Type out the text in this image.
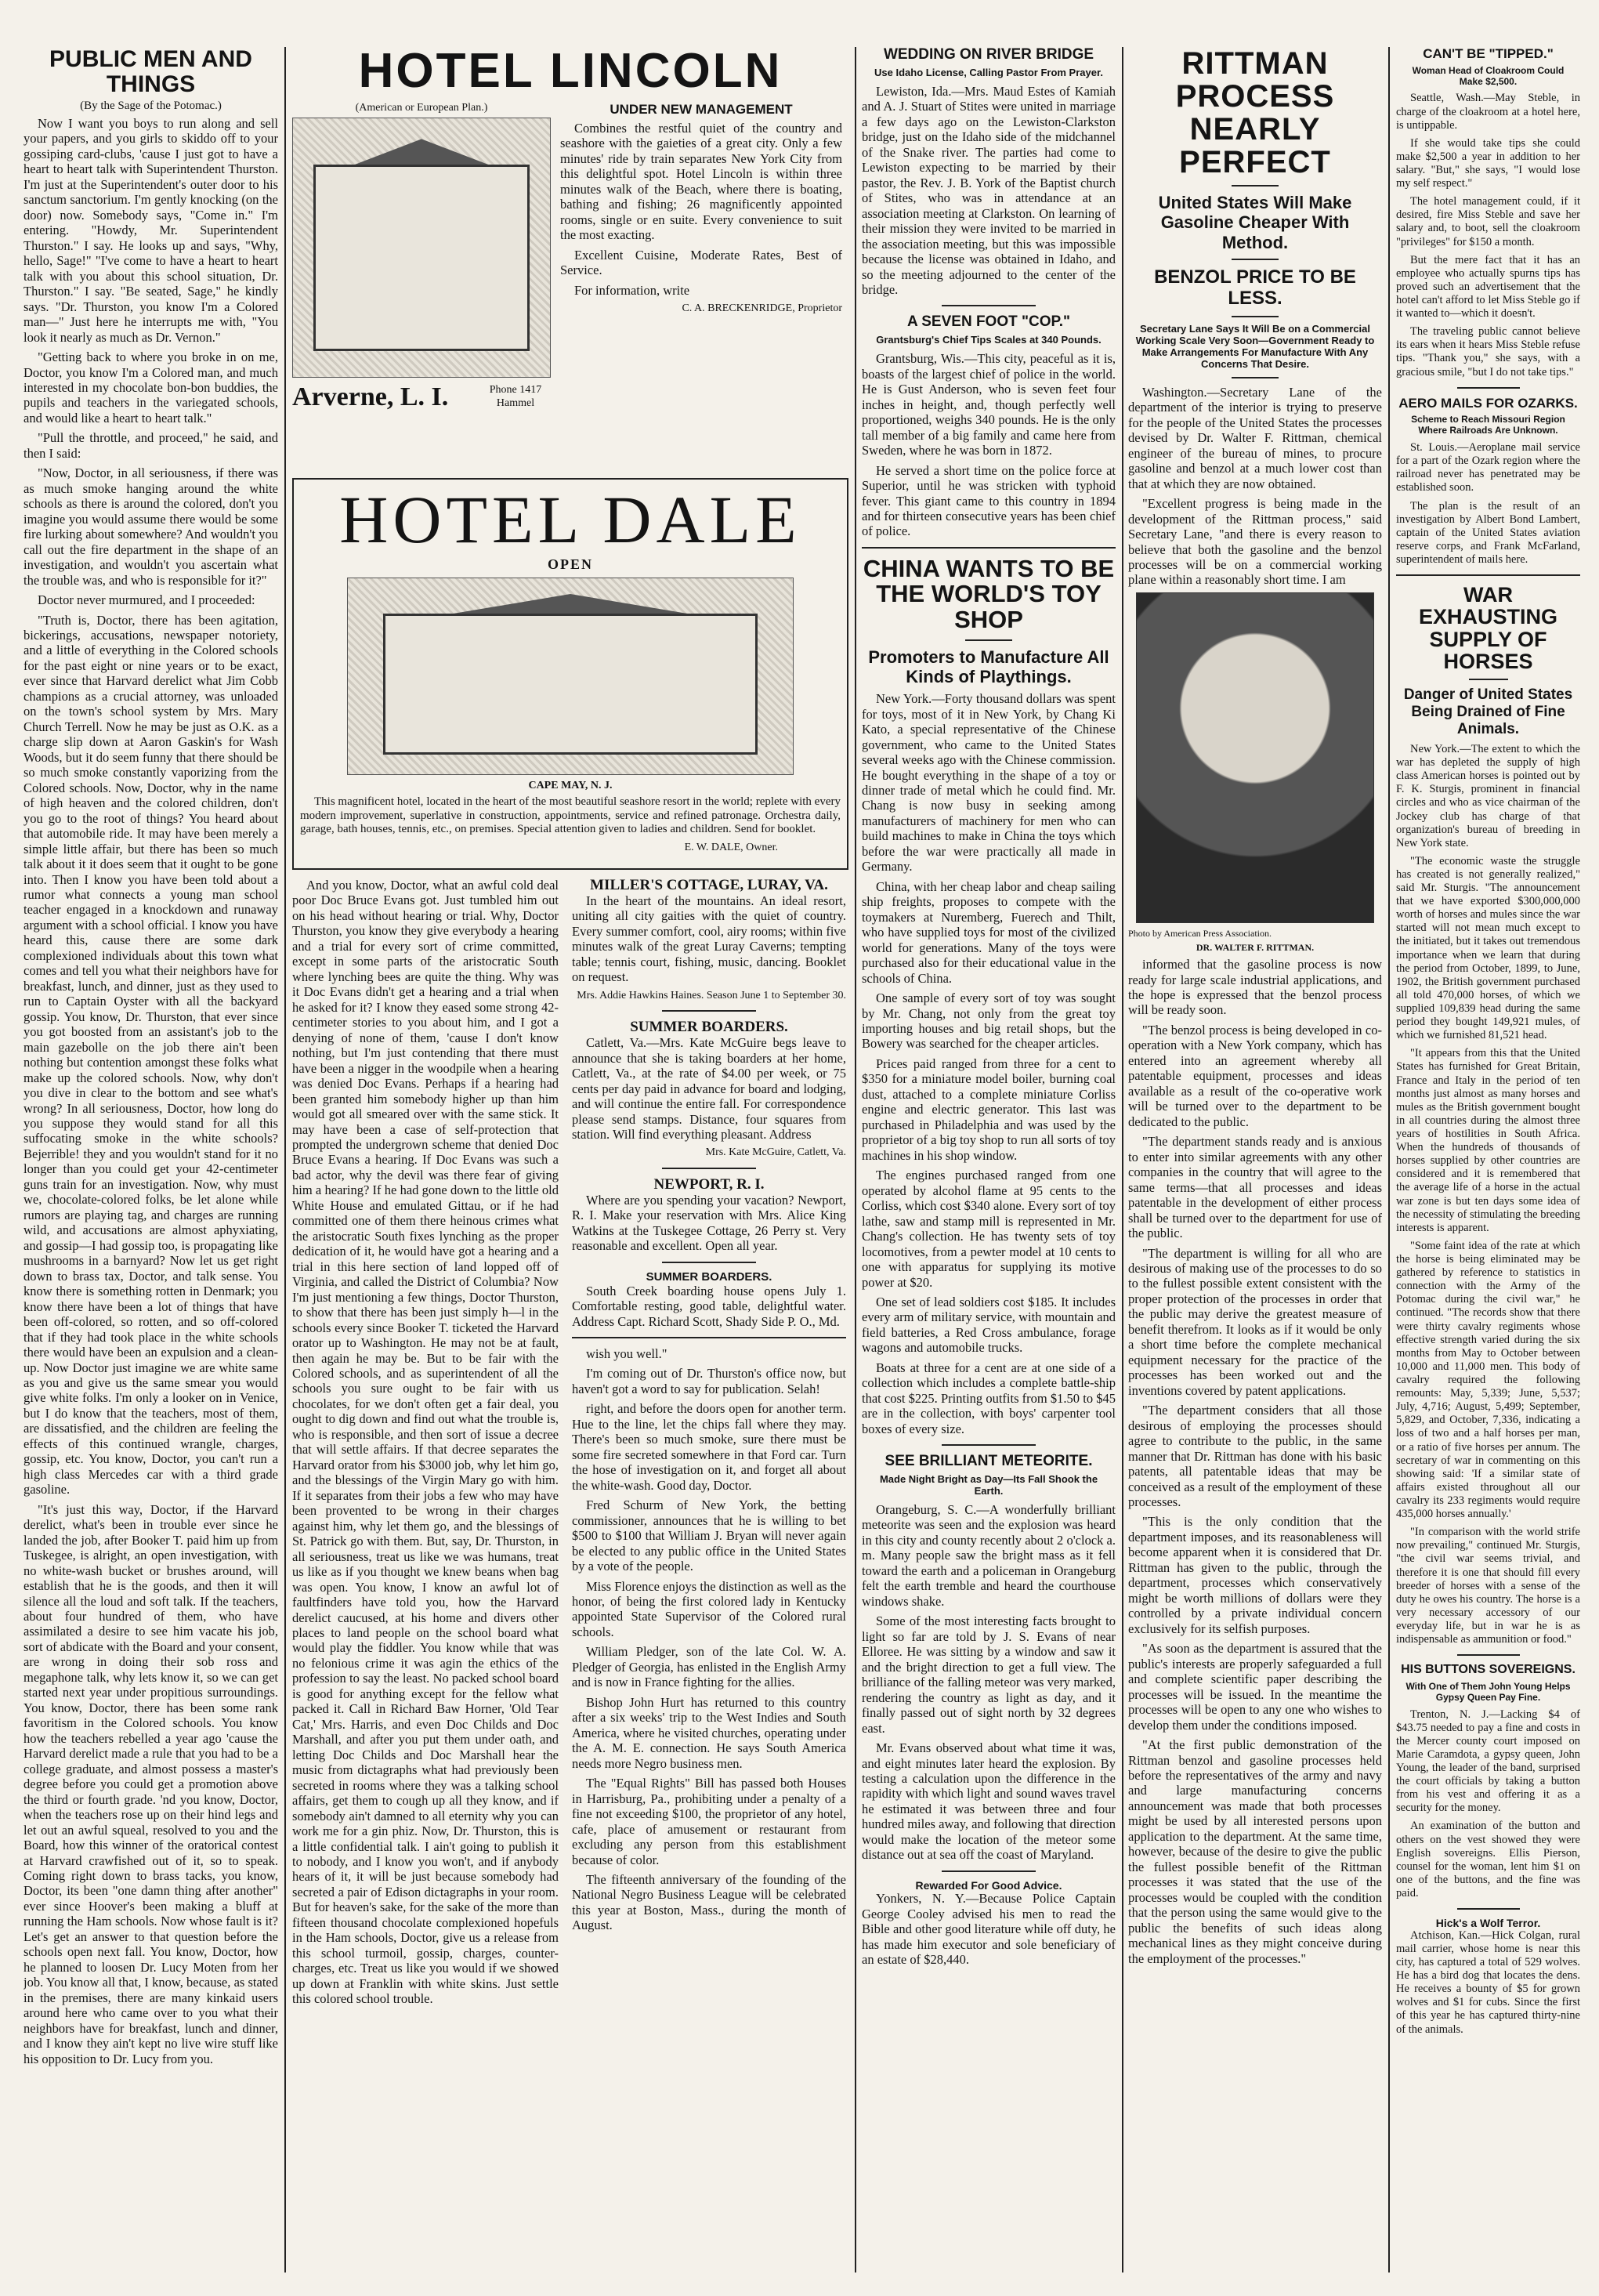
PUBLIC MEN AND THINGS
(By the Sage of the Potomac.)

Now I want you boys to run along and sell your papers, and you girls to skiddo off to your gossiping card-clubs, 'cause I just got to have a heart to heart talk with Superintendent Thurston. I'm just at the Superintendent's outer door to his sanctum sanctorium. I'm gently knocking (on the door) now. Somebody says, "Come in." I'm entering. "Howdy, Mr. Superintendent Thurston." I say. He looks up and says, "Why, hello, Sage!" "I've come to have a heart to heart talk with you about this school situation, Dr. Thurston." I say. "Be seated, Sage," he kindly says. "Dr. Thurston, you know I'm a Colored man—" Just here he interrupts me with, "You look it nearly as much as Dr. Vernon."

"Getting back to where you broke in on me, Doctor, you know I'm a Colored man, and much interested in my chocolate bon-bon buddies, the pupils and teachers in the variegated schools, and would like a heart to heart talk."

"Pull the throttle, and proceed," he said, and then I said:

"Now, Doctor, in all seriousness, if there was as much smoke hanging around the white schools as there is around the colored, don't you imagine you would assume there would be some fire lurking about somewhere? And wouldn't you call out the fire department in the shape of an investigation, and wouldn't you ascertain what the trouble was, and who is responsible for it?"

Doctor never murmured, and I proceeded:

"Truth is, Doctor, there has been agitation, bickerings, accusations, newspaper notoriety, and a little of everything in the Colored schools for the past eight or nine years or to be exact, ever since that Harvard derelict what Jim Cobb champions as a crucial attorney, was unloaded on the town's school system by Mrs. Mary Church Terrell. Now he may be just as O.K. as a charge slip down at Aaron Gaskin's for Wash Woods, but it do seem funny that there should be so much smoke constantly vaporizing from the Colored schools. Now, Doctor, why in the name of high heaven and the colored children, don't you go to the root of things? You heard about that automobile ride. It may have been merely a simple little affair, but there has been so much talk about it it does seem that it ought to be gone into. Then I know you have been told about a rumor what connects a young man school teacher engaged in a knockdown and runaway argument with a school official. I know you have heard this, cause there are some dark complexioned individuals about this town what comes and tell you what their neighbors have for breakfast, lunch, and dinner, just as they used to run to Captain Oyster with all the backyard gossip. You know, Dr. Thurston, that ever since you got boosted from an assistant's job to the main gazebolle on the job there ain't been nothing but contention amongst these folks what make up the colored schools. Now, why don't you dive in clear to the bottom and see what's wrong? In all seriousness, Doctor, how long do you suppose they would stand for all this suffocating smoke in the white schools? Bejerrible! they and you wouldn't stand for it no longer than you could get your 42-centimeter guns train for an investigation. Now, why must we, chocolate-colored folks, be let alone while rumors are playing tag, and charges are running wild, and accusations are almost aphyxiating, and gossip—I had gossip too, is propagating like mushrooms in a barnyard? Now let us get right down to brass tax, Doctor, and talk sense. You know there is something rotten in Denmark; you know there have been a lot of things that have been off-colored, so rotten, and so off-colored that if they had took place in the white schools there would have been an expulsion and a clean-up. Now Doctor just imagine we are white same as you and give us the same smear you would give white folks. I'm only a looker on in Venice, but I do know that the teachers, most of them, are dissatisfied, and the children are feeling the effects of this continued wrangle, charges, gossip, etc. You know, Doctor, you can't run a high class Mercedes car with a third grade gasoline.

"It's just this way, Doctor, if the Harvard derelict, what's been in trouble ever since he landed the job, after Booker T. paid him up from Tuskegee, is alright, an open investigation, with no white-wash bucket or brushes around, will establish that he is the goods, and then it will silence all the loud and soft talk. If the teachers, about four hundred of them, who have assimilated a desire to see him vacate his job, sort of abdicate with the Board and your consent, are wrong in doing their sob ross and megaphone talk, why lets know it, so we can get started next year under propitious surroundings. You know, Doctor, there has been some rank favoritism in the Colored schools. You know how the teachers rebelled a year ago 'cause the Harvard derelict made a rule that you had to be a college graduate, and almost possess a master's degree before you could get a promotion above the third or fourth grade. 'nd you know, Doctor, when the teachers rose up on their hind legs and let out an awful squeal, resolved to you and the Board, how this winner of the oratorical contest at Harvard crawfished out of it, so to speak. Coming right down to brass tacks, you know, Doctor, its been "one damn thing after another" ever since Hoover's been making a bluff at running the Ham schools. Now whose fault is it? Let's get an answer to that question before the schools open next fall. You know, Doctor, how he planned to loosen Dr. Lucy Moten from her job. You know all that, I know, because, as stated in the premises, there are many kinkaid users around here who came over to you what their neighbors have for breakfast, lunch and dinner, and I know they ain't kept no live wire stuff like his opposition to Dr. Lucy from you.

HOTEL LINCOLN
(American or European Plan.)
Arverne, L. I.	Phone 1417 Hammel
UNDER NEW MANAGEMENT

Combines the restful quiet of the country and seashore with the gaieties of a great city. Only a few minutes' ride by train separates New York City from this delightful spot. Hotel Lincoln is within three minutes walk of the Beach, where there is boating, bathing and fishing; 26 magnificently appointed rooms, single or en suite. Every convenience to suit the most exacting.

Excellent Cuisine, Moderate Rates, Best of Service.

For information, write

C. A. BRECKENRIDGE, Proprietor
HOTEL DALE
OPEN
CAPE MAY, N. J.

This magnificent hotel, located in the heart of the most beautiful seashore resort in the world; replete with every modern improvement, superlative in construction, appointments, service and refined patronage. Orchestra daily, garage, bath houses, tennis, etc., on premises. Special attention given to ladies and children. Send for booklet.

E. W. DALE, Owner.

And you know, Doctor, what an awful cold deal poor Doc Bruce Evans got. Just tumbled him out on his head without hearing or trial. Why, Doctor Thurston, you know they give everybody a hearing and a trial for every sort of crime committed, except in some parts of the aristocratic South where lynching bees are quite the thing. Why was it Doc Evans didn't get a hearing and a trial when he asked for it? I know they eased some strong 42-centimeter stories to you about him, and I got a denying of none of them, 'cause I don't know nothing, but I'm just contending that there must have been a nigger in the woodpile when a hearing was denied Doc Evans. Perhaps if a hearing had been granted him somebody higher up than him would got all smeared over with the same stick. It may have been a case of self-protection that prompted the undergrown scheme that denied Doc Bruce Evans a hearing. If Doc Evans was such a bad actor, why the devil was there fear of giving him a hearing? If he had gone down to the little old White House and emulated Gittau, or if he had committed one of them there heinous crimes what the aristocratic South fixes lynching as the proper dedication of it, he would have got a hearing and a trial in this here section of land lopped off of Virginia, and called the District of Columbia? Now I'm just mentioning a few things, Doctor Thurston, to show that there has been just simply h—l in the schools every since Booker T. ticketed the Harvard orator up to Washington. He may not be at fault, then again he may be. But to be fair with the Colored schools, and as superintendent of all the schools you sure ought to be fair with us chocolates, for we don't often get a fair deal, you ought to dig down and find out what the trouble is, who is responsible, and then sort of issue a decree that will settle affairs. If that decree separates the Harvard orator from his $3000 job, why let him go, and the blessings of the Virgin Mary go with him. If it separates from their jobs a few who may have been provented to be wrong in their charges against him, why let them go, and the blessings of St. Patrick go with them. But, say, Dr. Thurston, in all seriousness, treat us like we was humans, treat us like as if you thought we knew beans when bag was open. You know, I know an awful lot of faultfinders have told you, how the Harvard derelict caucused, at his home and divers other places to land people on the school board what would play the fiddler. You know while that was no felonious crime it was agin the ethics of the profession to say the least. No packed school board is good for anything except for the fellow what packed it. Call in Richard Baw Horner, 'Old Tear Cat,' Mrs. Harris, and even Doc Childs and Doc Marshall, and after you put them under oath, and letting Doc Childs and Doc Marshall hear the music from dictagraphs what had previously been secreted in rooms where they was a talking school affairs, get them to cough up all they know, and if somebody ain't damned to all eternity why you can work me for a gin phiz. Now, Dr. Thurston, this is a little confidential talk. I ain't going to publish it to nobody, and I know you won't, and if anybody hears of it, it will be just because somebody had secreted a pair of Edison dictagraphs in your room. But for heaven's sake, for the sake of the more than fifteen thousand chocolate complexioned hopefuls in the Ham schools, Doctor, give us a release from this school turmoil, gossip, charges, counter-charges, etc. Treat us like you would if we showed up down at Franklin with white skins. Just settle this colored school trouble.

MILLER'S COTTAGE, LURAY, VA.

In the heart of the mountains. An ideal resort, uniting all city gaities with the quiet of country. Every summer comfort, cool, airy rooms; within five minutes walk of the great Luray Caverns; tempting table; tennis court, fishing, music, dancing. Booklet on request.

Mrs. Addie Hawkins Haines. Season June 1 to September 30.
SUMMER BOARDERS.

Catlett, Va.—Mrs. Kate McGuire begs leave to announce that she is taking boarders at her home, Catlett, Va., at the rate of $4.00 per week, or 75 cents per day paid in advance for board and lodging, and will continue the entire fall. For correspondence please send stamps. Distance, four squares from station. Will find everything pleasant. Address

Mrs. Kate McGuire, Catlett, Va.
NEWPORT, R. I.

Where are you spending your vacation? Newport, R. I. Make your reservation with Mrs. Alice King Watkins at the Tuskegee Cottage, 26 Perry st. Very reasonable and excellent. Open all year.

SUMMER BOARDERS.

South Creek boarding house opens July 1. Comfortable resting, good table, delightful water. Address Capt. Richard Scott, Shady Side P. O., Md.

wish you well."

I'm coming out of Dr. Thurston's office now, but haven't got a word to say for publication. Selah!

right, and before the doors open for another term. Hue to the line, let the chips fall where they may. There's been so much smoke, sure there must be some fire secreted somewhere in that Ford car. Turn the hose of investigation on it, and forget all about the white-wash. Good day, Doctor.

Fred Schurm of New York, the betting commissioner, announces that he is willing to bet $500 to $100 that William J. Bryan will never again be elected to any public office in the United States by a vote of the people.

Miss Florence enjoys the distinction as well as the honor, of being the first colored lady in Kentucky appointed State Supervisor of the Colored rural schools.

William Pledger, son of the late Col. W. A. Pledger of Georgia, has enlisted in the English Army and is now in France fighting for the allies.

Bishop John Hurt has returned to this country after a six weeks' trip to the West Indies and South America, where he visited churches, operating under the A. M. E. connection. He says South America needs more Negro business men.

The "Equal Rights" Bill has passed both Houses in Harrisburg, Pa., prohibiting under a penalty of a fine not exceeding $100, the proprietor of any hotel, cafe, place of amusement or restaurant from excluding any person from this establishment because of color.

The fifteenth anniversary of the founding of the National Negro Business League will be celebrated this year at Boston, Mass., during the month of August.

WEDDING ON RIVER BRIDGE
Use Idaho License, Calling Pastor From Prayer.

Lewiston, Ida.—Mrs. Maud Estes of Kamiah and A. J. Stuart of Stites were united in marriage a few days ago on the Lewiston-Clarkston bridge, just on the Idaho side of the midchannel of the Snake river. The parties had come to Lewiston expecting to be married by their pastor, the Rev. J. B. York of the Baptist church of Stites, who was in attendance at an association meeting at Clarkston. On learning of their mission they were invited to be married in the association meeting, but this was impossible because the license was obtained in Idaho, and so the meeting adjourned to the center of the bridge.

A SEVEN FOOT "COP."
Grantsburg's Chief Tips Scales at 340 Pounds.

Grantsburg, Wis.—This city, peaceful as it is, boasts of the largest chief of police in the world. He is Gust Anderson, who is seven feet four inches in height, and, though perfectly well proportioned, weighs 340 pounds. He is the only tall member of a big family and came here from Sweden, where he was born in 1872.

He served a short time on the police force at Superior, until he was stricken with typhoid fever. This giant came to this country in 1894 and for thirteen consecutive years has been chief of police.

CHINA WANTS TO BE THE WORLD'S TOY SHOP
Promoters to Manufacture All Kinds of Playthings.

New York.—Forty thousand dollars was spent for toys, most of it in New York, by Chang Ki Kato, a special representative of the Chinese government, who came to the United States several weeks ago with the Chinese commission. He bought everything in the shape of a toy or dinner trade of metal which he could find. Mr. Chang is now busy in seeking among manufacturers of machinery for men who can build machines to make in China the toys which before the war were practically all made in Germany.

China, with her cheap labor and cheap sailing ship freights, proposes to compete with the toymakers at Nuremberg, Fuerech and Thilt, who have supplied toys for most of the civilized world for generations. Many of the toys were purchased also for their educational value in the schools of China.

One sample of every sort of toy was sought by Mr. Chang, not only from the great toy importing houses and big retail shops, but the Bowery was searched for the cheaper articles.

Prices paid ranged from three for a cent to $350 for a miniature model boiler, burning coal dust, attached to a complete miniature Corliss engine and electric generator. This last was purchased in Philadelphia and was used by the proprietor of a big toy shop to run all sorts of toy machines in his shop window.

The engines purchased ranged from one operated by alcohol flame at 95 cents to the Corliss, which cost $340 alone. Every sort of toy lathe, saw and stamp mill is represented in Mr. Chang's collection. He has twenty sets of toy locomotives, from a pewter model at 10 cents to one with apparatus for supplying its motive power at $20.

One set of lead soldiers cost $185. It includes every arm of military service, with mountain and field batteries, a Red Cross ambulance, forage wagons and automobile trucks.

Boats at three for a cent are at one side of a collection which includes a complete battle-ship that cost $225. Printing outfits from $1.50 to $45 are in the collection, with boys' carpenter tool boxes of every size.

SEE BRILLIANT METEORITE.
Made Night Bright as Day—Its Fall Shook the Earth.

Orangeburg, S. C.—A wonderfully brilliant meteorite was seen and the explosion was heard in this city and county recently about 2 o'clock a. m. Many people saw the bright mass as it fell toward the earth and a policeman in Orangeburg felt the earth tremble and heard the courthouse windows shake.

Some of the most interesting facts brought to light so far are told by J. S. Evans of near Elloree. He was sitting by a window and saw it and the bright direction to get a full view. The brilliance of the falling meteor was very marked, rendering the country as light as day, and it finally passed out of sight north by 32 degrees east.

Mr. Evans observed about what time it was, and eight minutes later heard the explosion. By testing a calculation upon the difference in the rapidity with which light and sound waves travel he estimated it was between three and four hundred miles away, and following that direction would make the location of the meteor some distance out at sea off the coast of Maryland.

Rewarded For Good Advice.

Yonkers, N. Y.—Because Police Captain George Cooley advised his men to read the Bible and other good literature while off duty, he has made him executor and sole beneficiary of an estate of $28,440.

RITTMAN PROCESS NEARLY PERFECT
United States Will Make Gasoline Cheaper With Method.
BENZOL PRICE TO BE LESS.
Secretary Lane Says It Will Be on a Commercial Working Scale Very Soon—Government Ready to Make Arrangements For Manufacture With Any Concerns That Desire.

Washington.—Secretary Lane of the department of the interior is trying to preserve for the people of the United States the processes devised by Dr. Walter F. Rittman, chemical engineer of the bureau of mines, to procure gasoline and benzol at a much lower cost than that at which they are now obtained.

"Excellent progress is being made in the development of the Rittman process," said Secretary Lane, "and there is every reason to believe that both the gasoline and the benzol processes will be on a commercial working plane within a reasonably short time. I am

Photo by American Press Association.
DR. WALTER F. RITTMAN.

informed that the gasoline process is now ready for large scale industrial applications, and the hope is expressed that the benzol process will be ready soon.

"The benzol process is being developed in co-operation with a New York company, which has entered into an agreement whereby all patentable equipment, processes and ideas available as a result of the co-operative work will be turned over to the department to be dedicated to the public.

"The department stands ready and is anxious to enter into similar agreements with any other companies in the country that will agree to the same terms—that all processes and ideas patentable in the development of either process shall be turned over to the department for use of the public.

"The department is willing for all who are desirous of making use of the processes to do so to the fullest possible extent consistent with the proper protection of the processes in order that the public may derive the greatest measure of benefit therefrom. It looks as if it would be only a short time before the complete mechanical equipment necessary for the practice of the processes has been worked out and the inventions covered by patent applications.

"The department considers that all those desirous of employing the processes should agree to contribute to the public, in the same manner that Dr. Rittman has done with his basic patents, all patentable ideas that may be conceived as a result of the employment of these processes.

"This is the only condition that the department imposes, and its reasonableness will become apparent when it is considered that Dr. Rittman has given to the public, through the department, processes which conservatively might be worth millions of dollars were they controlled by a private individual concern exclusively for its selfish purposes.

"As soon as the department is assured that the public's interests are properly safeguarded a full and complete scientific paper describing the processes will be issued. In the meantime the processes will be open to any one who wishes to develop them under the conditions imposed.

"At the first public demonstration of the Rittman benzol and gasoline processes held before the representatives of the army and navy and large manufacturing concerns announcement was made that both processes might be used by all interested persons upon application to the department. At the same time, however, because of the desire to give the public the fullest possible benefit of the Rittman processes it was stated that the use of the processes would be coupled with the condition that the person using the same would give to the public the benefits of such ideas along mechanical lines as they might conceive during the employment of the processes."

CAN'T BE "TIPPED."
Woman Head of Cloakroom Could Make $2,500.

Seattle, Wash.—May Steble, in charge of the cloakroom at a hotel here, is untippable.

If she would take tips she could make $2,500 a year in addition to her salary. "But," she says, "I would lose my self respect."

The hotel management could, if it desired, fire Miss Steble and save her salary and, to boot, sell the cloakroom "privileges" for $150 a month.

But the mere fact that it has an employee who actually spurns tips has proved such an advertisement that the hotel can't afford to let Miss Steble go if it wanted to—which it doesn't.

The traveling public cannot believe its ears when it hears Miss Steble refuse tips. "Thank you," she says, with a gracious smile, "but I do not take tips."

AERO MAILS FOR OZARKS.
Scheme to Reach Missouri Region Where Railroads Are Unknown.

St. Louis.—Aeroplane mail service for a part of the Ozark region where the railroad never has penetrated may be established soon.

The plan is the result of an investigation by Albert Bond Lambert, captain of the United States aviation reserve corps, and Frank McFarland, superintendent of mails here.

WAR EXHAUSTING SUPPLY OF HORSES
Danger of United States Being Drained of Fine Animals.

New York.—The extent to which the war has depleted the supply of high class American horses is pointed out by F. K. Sturgis, prominent in financial circles and who as vice chairman of the Jockey club has charge of that organization's bureau of breeding in New York state.

"The economic waste the struggle has created is not generally realized," said Mr. Sturgis. "The announcement that we have exported $300,000,000 worth of horses and mules since the war started will not mean much except to the initiated, but it takes out tremendous importance when we learn that during the period from October, 1899, to June, 1902, the British government purchased all told 470,000 horses, of which we supplied 109,839 head during the same period they bought 149,921 mules, of which we furnished 81,521 head.

"It appears from this that the United States has furnished for Great Britain, France and Italy in the period of ten months just almost as many horses and mules as the British government bought in all countries during the almost three years of hostilities in South Africa. When the hundreds of thousands of horses supplied by other countries are considered and it is remembered that the average life of a horse in the actual war zone is but ten days some idea of the necessity of stimulating the breeding interests is apparent.

"Some faint idea of the rate at which the horse is being eliminated may be gathered by reference to statistics in connection with the Army of the Potomac during the civil war," he continued. "The records show that there were thirty cavalry regiments whose effective strength varied during the six months from May to October between 10,000 and 11,000 men. This body of cavalry required the following remounts: May, 5,339; June, 5,537; July, 4,716; August, 5,499; September, 5,829, and October, 7,336, indicating a loss of two and a half horses per man, or a ratio of five horses per annum. The secretary of war in commenting on this showing said: 'If a similar state of affairs existed throughout all our cavalry its 233 regiments would require 435,000 horses annually.'

"In comparison with the world strife now prevailing," continued Mr. Sturgis, "the civil war seems trivial, and therefore it is one that should fill every breeder of horses with a sense of the duty he owes his country. The horse is a very necessary accessory of our everyday life, but in war he is as indispensable as ammunition or food."

HIS BUTTONS SOVEREIGNS.
With One of Them John Young Helps Gypsy Queen Pay Fine.

Trenton, N. J.—Lacking $4 of $43.75 needed to pay a fine and costs in the Mercer county court imposed on Marie Caramdota, a gypsy queen, John Young, the leader of the band, surprised the court officials by taking a button from his vest and offering it as a security for the money.

An examination of the button and others on the vest showed they were English sovereigns. Ellis Pierson, counsel for the woman, lent him $1 on one of the buttons, and the fine was paid.

Hick's a Wolf Terror.

Atchison, Kan.—Hick Colgan, rural mail carrier, whose home is near this city, has captured a total of 529 wolves. He has a bird dog that locates the dens. He receives a bounty of $5 for grown wolves and $1 for cubs. Since the first of this year he has captured thirty-nine of the animals.
